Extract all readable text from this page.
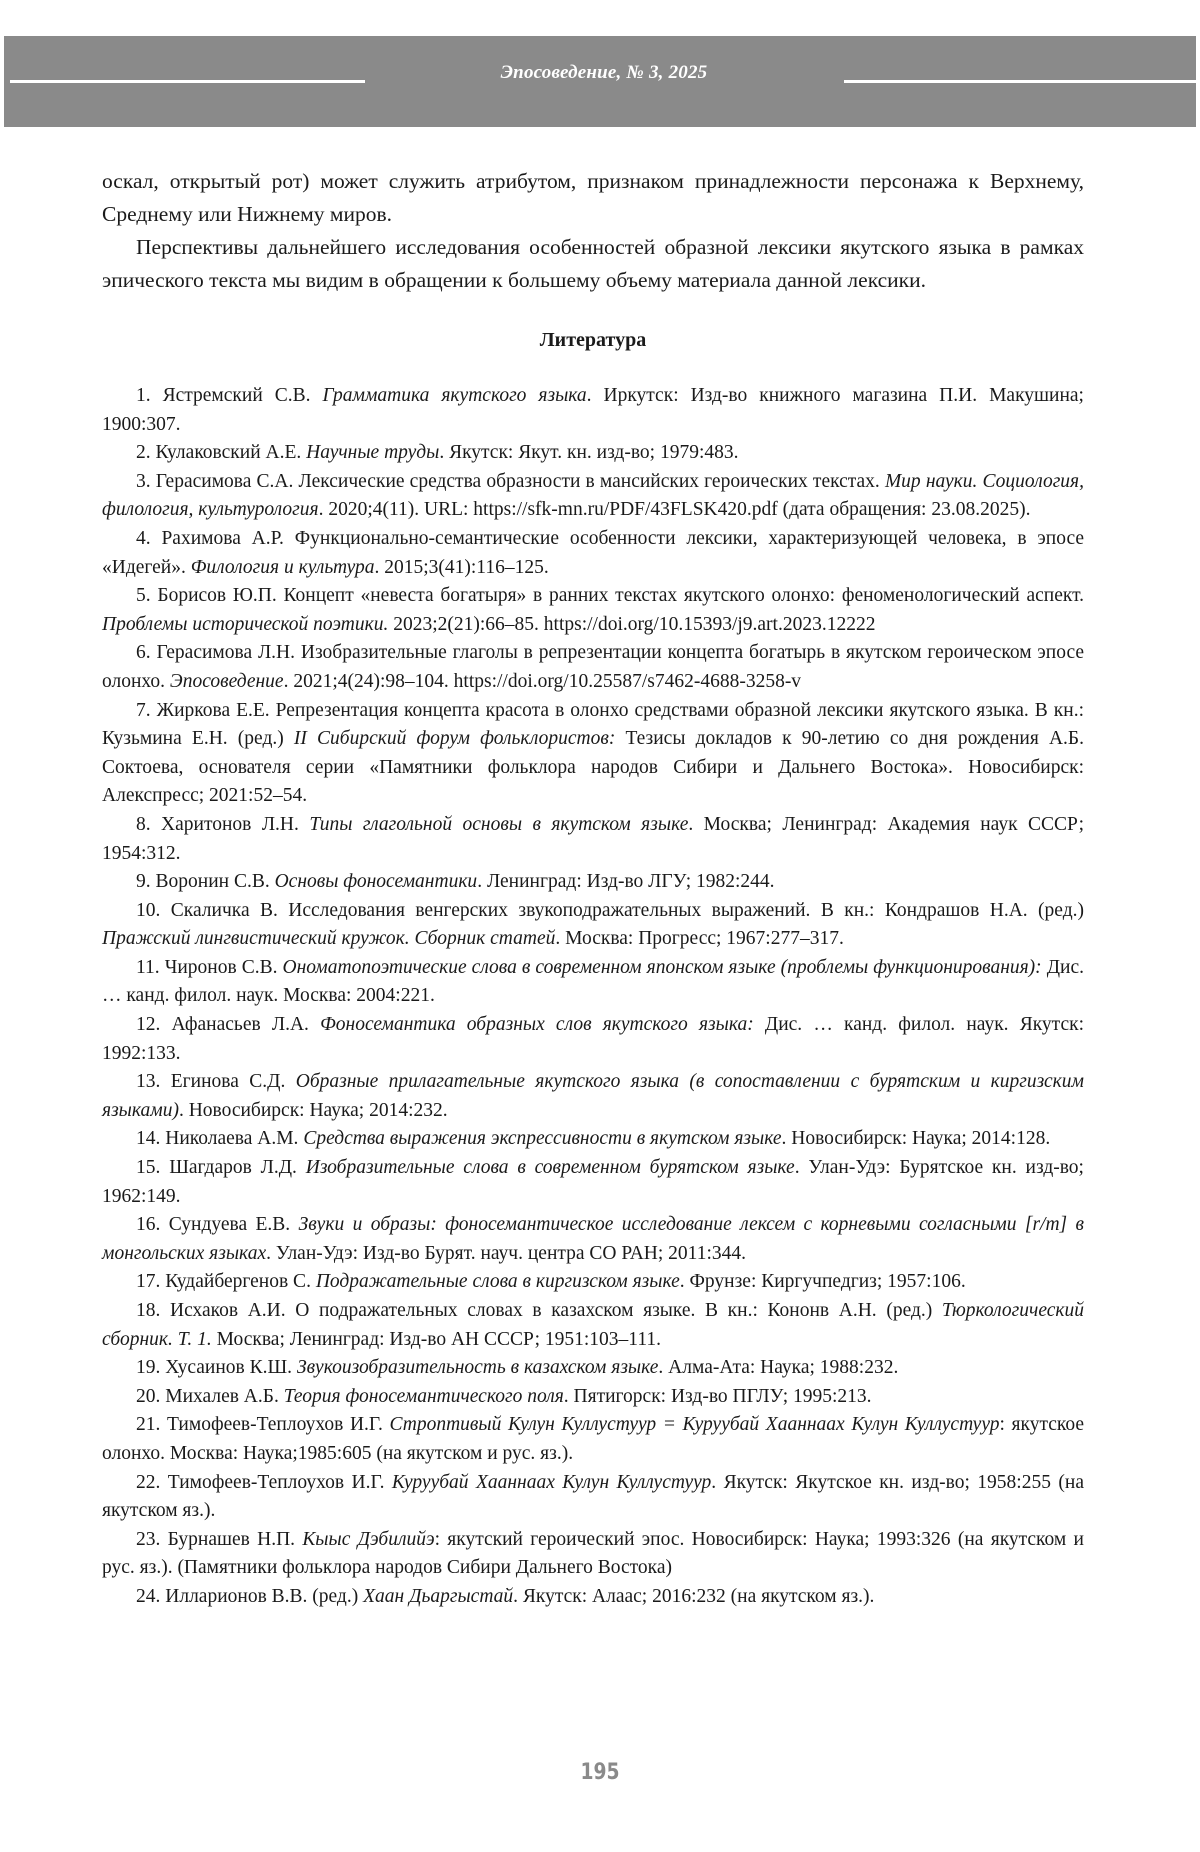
Эпосоведение, № 3, 2025

оскал, открытый рот) может служить атрибутом, признаком принадлежности персонажа к Верхнему, Среднему или Нижнему миров.

Перспективы дальнейшего исследования особенностей образной лексики якутского языка в рамках эпического текста мы видим в обращении к большему объему материала данной лексики.

Литература

1. Ястремский С.В. Грамматика якутского языка. Иркутск: Изд-во книжного магазина П.И. Макушина; 1900:307.

2. Кулаковский А.Е. Научные труды. Якутск: Якут. кн. изд-во; 1979:483.

3. Герасимова С.А. Лексические средства образности в мансийских героических текстах. Мир науки. Социология, филология, культурология. 2020;4(11). URL: https://sfk-mn.ru/PDF/43FLSK420.pdf (дата обращения: 23.08.2025).

4. Рахимова А.Р. Функционально-семантические особенности лексики, характеризующей человека, в эпосе «Идегей». Филология и культура. 2015;3(41):116–125.

5. Борисов Ю.П. Концепт «невеста богатыря» в ранних текстах якутского олонхо: феноменологический аспект. Проблемы исторической поэтики. 2023;2(21):66–85. https://doi.org/10.15393/j9.art.2023.12222

6. Герасимова Л.Н. Изобразительные глаголы в репрезентации концепта богатырь в якутском героическом эпосе олонхо. Эпосоведение. 2021;4(24):98–104. https://doi.org/10.25587/s7462-4688-3258-v

7. Жиркова Е.Е. Репрезентация концепта красота в олонхо средствами образной лексики якутского языка. В кн.: Кузьмина Е.Н. (ред.) II Сибирский форум фольклористов: Тезисы докладов к 90-летию со дня рождения А.Б. Соктоева, основателя серии «Памятники фольклора народов Сибири и Дальнего Востока». Новосибирск: Алекспресс; 2021:52–54.

8. Харитонов Л.Н. Типы глагольной основы в якутском языке. Москва; Ленинград: Академия наук СССР; 1954:312.

9. Воронин С.В. Основы фоносемантики. Ленинград: Изд-во ЛГУ; 1982:244.

10. Скаличка В. Исследования венгерских звукоподражательных выражений. В кн.: Кондрашов Н.А. (ред.) Пражский лингвистический кружок. Сборник статей. Москва: Прогресс; 1967:277–317.

11. Чиронов С.В. Ономатопоэтические слова в современном японском языке (проблемы функционирования): Дис. … канд. филол. наук. Москва: 2004:221.

12. Афанасьев Л.А. Фоносемантика образных слов якутского языка: Дис. … канд. филол. наук. Якутск: 1992:133.

13. Егинова С.Д. Образные прилагательные якутского языка (в сопоставлении с бурятским и киргизским языками). Новосибирск: Наука; 2014:232.

14. Николаева А.М. Средства выражения экспрессивности в якутском языке. Новосибирск: Наука; 2014:128.

15. Шагдаров Л.Д. Изобразительные слова в современном бурятском языке. Улан-Удэ: Бурятское кн. изд-во; 1962:149.

16. Сундуева Е.В. Звуки и образы: фоносемантическое исследование лексем с корневыми согласными [r/m] в монгольских языках. Улан-Удэ: Изд-во Бурят. науч. центра СО РАН; 2011:344.

17. Кудайбергенов С. Подражательные слова в киргизском языке. Фрунзе: Киргучпедгиз; 1957:106.

18. Исхаков А.И. О подражательных словах в казахском языке. В кн.: Кононв А.Н. (ред.) Тюркологический сборник. Т. 1. Москва; Ленинград: Изд-во АН СССР; 1951:103–111.

19. Хусаинов К.Ш. Звукоизобразительность в казахском языке. Алма-Ата: Наука; 1988:232.

20. Михалев А.Б. Теория фоносемантического поля. Пятигорск: Изд-во ПГЛУ; 1995:213.

21. Тимофеев-Теплоухов И.Г. Строптивый Кулун Куллустуур = Куруубай Хааннаах Кулун Куллустуур: якутское олонхо. Москва: Наука;1985:605 (на якутском и рус. яз.).

22. Тимофеев-Теплоухов И.Г. Куруубай Хааннаах Кулун Куллустуур. Якутск: Якутское кн. изд-во; 1958:255 (на якутском яз.).

23. Бурнашев Н.П. Кыыс Дэбилийэ: якутский героический эпос. Новосибирск: Наука; 1993:326 (на якутском и рус. яз.). (Памятники фольклора народов Сибири Дальнего Востока)

24. Илларионов В.В. (ред.) Хаан Дьаргыстай. Якутск: Алаас; 2016:232 (на якутском яз.).

195
